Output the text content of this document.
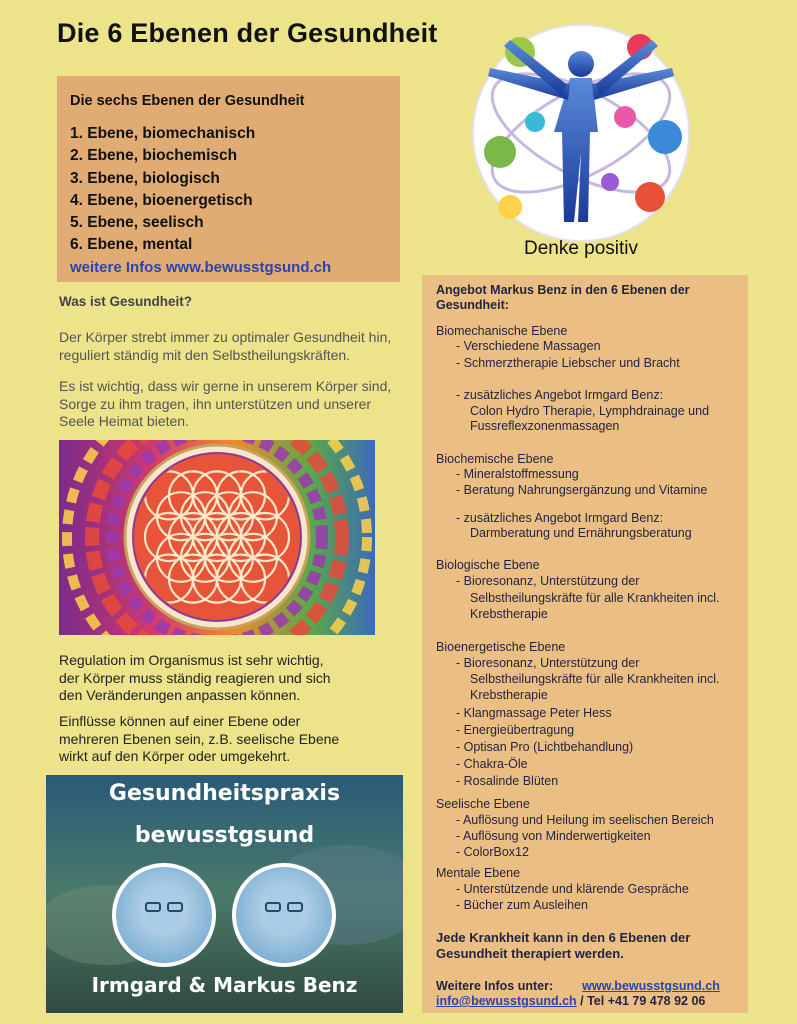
Die 6 Ebenen der Gesundheit
Die sechs Ebenen der Gesundheit
1. Ebene, biomechanisch
2. Ebene, biochemisch
3. Ebene, biologisch
4. Ebene, bioenergetisch
5. Ebene, seelisch
6. Ebene, mental
weitere Infos www.bewusstgsund.ch
Was ist Gesundheit?
Der Körper strebt immer zu optimaler Gesundheit hin,
reguliert ständig mit den Selbstheilungskräften.
Es ist wichtig, dass wir gerne in unserem Körper sind,
Sorge zu ihm tragen, ihn unterstützen und unserer
Seele Heimat bieten.
Regulation im Organismus ist sehr wichtig,
der Körper muss ständig reagieren und sich
den Veränderungen anpassen können.
Einflüsse können auf einer Ebene oder
mehreren Ebenen sein, z.B. seelische Ebene
wirkt auf den Körper oder umgekehrt.
Gesundheitspraxis
bewusstgsund
Irmgard & Markus Benz
Denke positiv
Angebot Markus Benz in den 6 Ebenen der
Gesundheit:
Biomechanische Ebene
- Verschiedene Massagen
- Schmerztherapie Liebscher und Bracht
- zusätzliches Angebot Irmgard Benz:
Colon Hydro Therapie, Lymphdrainage und
Fussreflexzonenmassagen
Biochemische Ebene
- Mineralstoffmessung
- Beratung Nahrungsergänzung und Vitamine
- zusätzliches Angebot Irmgard Benz:
Darmberatung und Ernährungsberatung
Biologische Ebene
- Bioresonanz, Unterstützung der
Selbstheilungskräfte für alle Krankheiten incl.
Krebstherapie
Bioenergetische Ebene
- Bioresonanz, Unterstützung der
Selbstheilungskräfte für alle Krankheiten incl.
Krebstherapie
- Klangmassage Peter Hess
- Energieübertragung
- Optisan Pro (Lichtbehandlung)
- Chakra-Öle
- Rosalinde Blüten
Seelische Ebene
- Auflösung und Heilung im seelischen Bereich
- Auflösung von Minderwertigkeiten
- ColorBox12
Mentale Ebene
- Unterstützende und klärende Gespräche
- Bücher zum Ausleihen
Jede Krankheit kann in den 6 Ebenen der
Gesundheit therapiert werden.
Weitere Infos unter: www.bewusstgsund.ch
info@bewusstgsund.ch / Tel +41 79 478 92 06
